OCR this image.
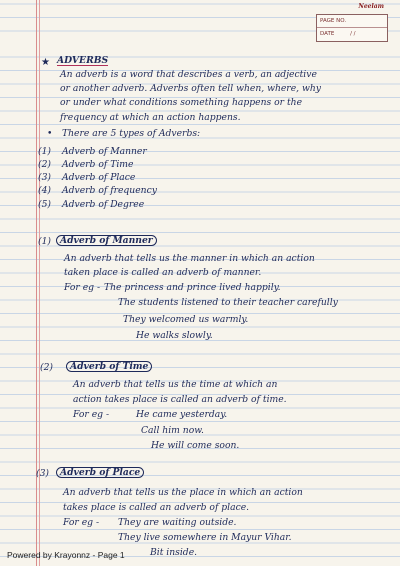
Neelam
PAGE NO.
DATE	/ /
★ ADVERBS
An adverb is a word that describes a verb, an adjective
or another adverb. Adverbs often tell when, where, why
or under what conditions something happens or the
frequency at which an action happens.
• There are 5 types of Adverbs:
(1) Adverb of Manner
(2) Adverb of Time
(3) Adverb of Place
(4) Adverb of frequency
(5) Adverb of Degree
(1) Adverb of Manner
An adverb that tells us the manner in which an action
taken place is called an adverb of manner.
For eg - The princess and prince lived happily.
The students listened to their teacher carefully
They welcomed us warmly.
He walks slowly.
(2)	Adverb of Time
An adverb that tells us the time at which an
action takes place is called an adverb of time.
For eg -	He came yesterday.
Call him now.
He will come soon.
(3)	Adverb of Place
An adverb that tells us the place in which an action
takes place is called an adverb of place.
For eg - They are waiting outside.
They live somewhere in Mayur Vihar.
Bit inside.
Powered by Krayonnz - Page 1
